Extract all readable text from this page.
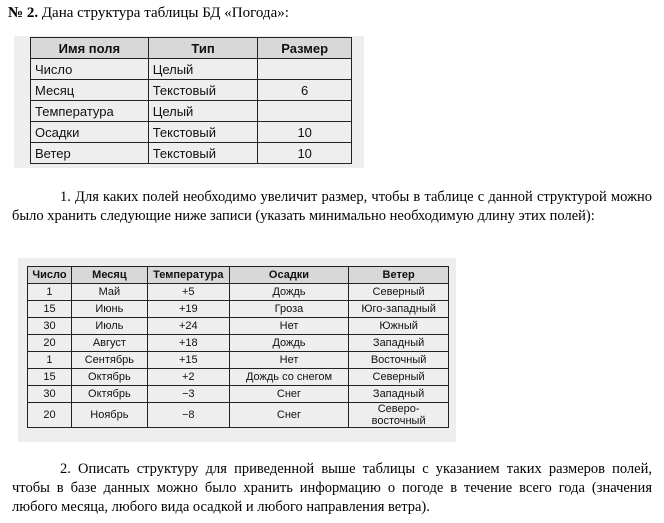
№ 2. Дана структура таблицы БД «Погода»:
Имя поля	Тип	Размер
Число	Целый	
Месяц	Текстовый	6
Температура	Целый	
Осадки	Текстовый	10
Ветер	Текстовый	10

1. Для каких полей необходимо увеличит размер, чтобы в таблице с данной структурой можно было хранить следующие ниже записи (указать минимально необходимую длину этих полей):

Число	Месяц	Температура	Осадки	Ветер
1	Май	+5	Дождь	Северный
15	Июнь	+19	Гроза	Юго-западный
30	Июль	+24	Нет	Южный
20	Август	+18	Дождь	Западный
1	Сентябрь	+15	Нет	Восточный
15	Октябрь	+2	Дождь со снегом	Северный
30	Октябрь	−3	Снег	Западный
20	Ноябрь	−8	Снег	Северо-восточный

2. Описать структуру для приведенной выше таблицы с указанием таких размеров полей, чтобы в базе данных можно было хранить информацию о погоде в течение всего года (значения любого месяца, любого вида осадкой и любого направления ветра).
